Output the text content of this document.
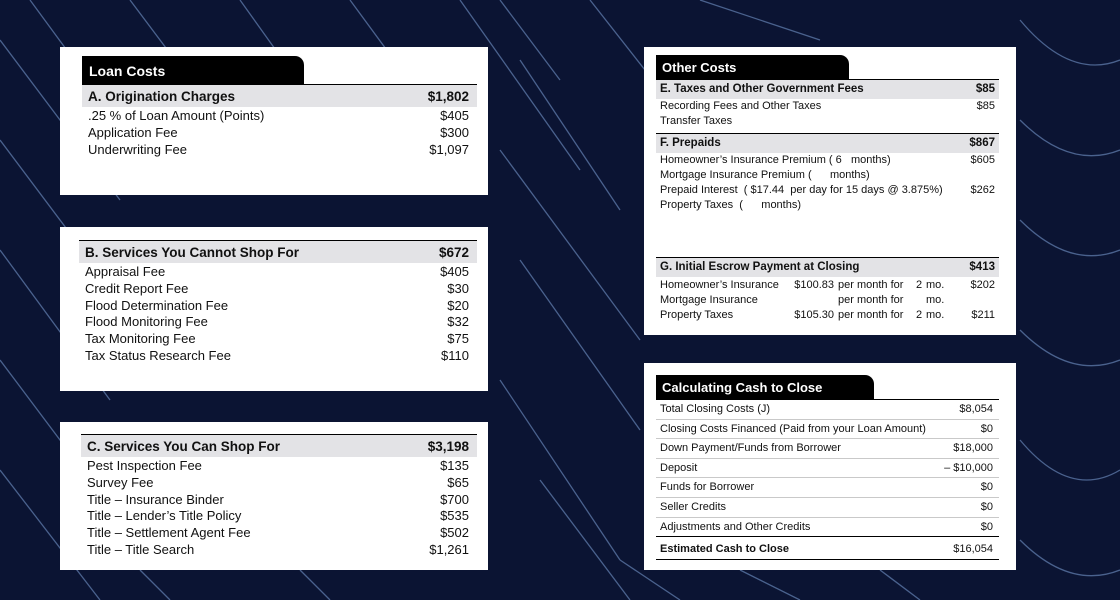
Loan Costs
A. Origination Charges	$1,802
.25 % of Loan Amount (Points)	$405
Application Fee	$300
Underwriting Fee	$1,097
B. Services You Cannot Shop For	$672
Appraisal Fee	$405
Credit Report Fee	$30
Flood Determination Fee	$20
Flood Monitoring Fee	$32
Tax Monitoring Fee	$75
Tax Status Research Fee	$110
C. Services You Can Shop For	$3,198
Pest Inspection Fee	$135
Survey Fee	$65
Title – Insurance Binder	$700
Title – Lender’s Title Policy	$535
Title – Settlement Agent Fee	$502
Title – Title Search	$1,261
Other Costs
E. Taxes and Other Government Fees	$85
Recording Fees and Other Taxes	$85
Transfer Taxes
F. Prepaids	$867
Homeowner’s Insurance Premium ( 6   months)	$605
Mortgage Insurance Premium (      months)
Prepaid Interest  ( $17.44  per day for 15 days @ 3.875%)	$262
Property Taxes  (      months)
G. Initial Escrow Payment at Closing	$413
Homeowner’s Insurance	$100.83 per month for	2 mo.	$202
Mortgage Insurance	per month for	mo.
Property Taxes	$105.30 per month for	2 mo.	$211
Calculating Cash to Close
Total Closing Costs (J)	$8,054
Closing Costs Financed (Paid from your Loan Amount)	$0
Down Payment/Funds from Borrower	$18,000
Deposit	– $10,000
Funds for Borrower	$0
Seller Credits	$0
Adjustments and Other Credits	$0
Estimated Cash to Close	$16,054
